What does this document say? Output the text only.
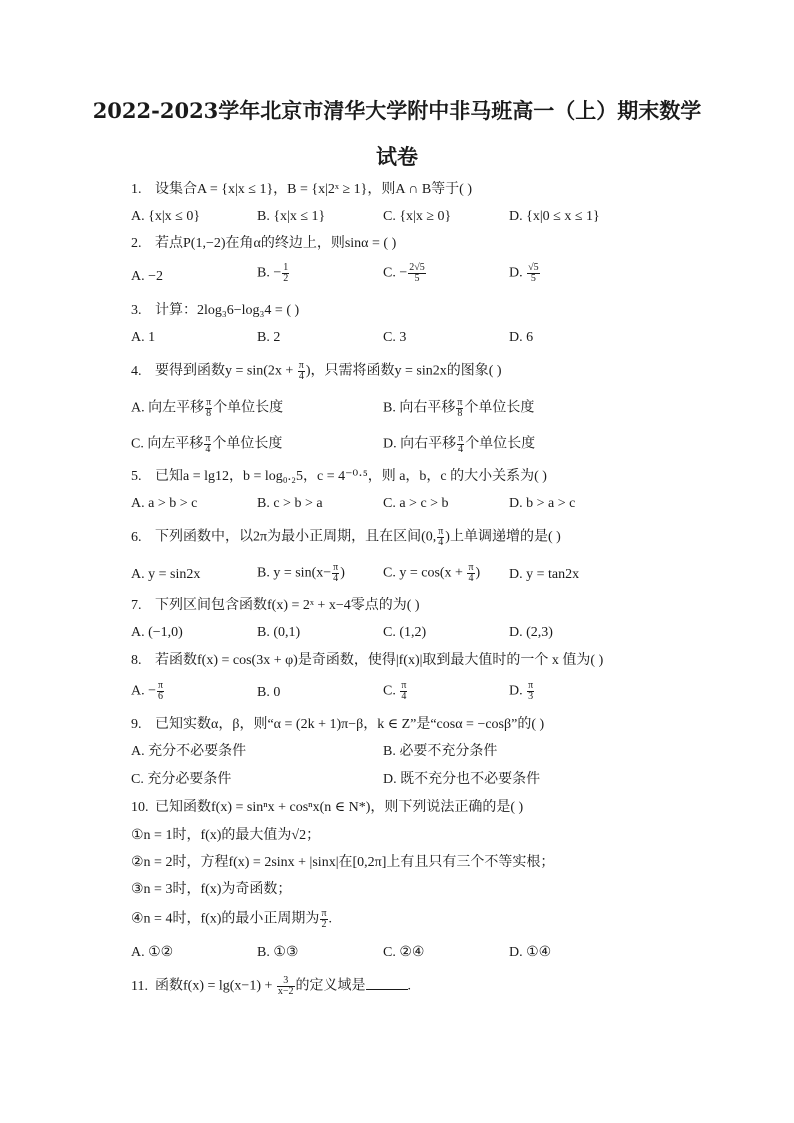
2022-2023学年北京市清华大学附中非马班高一（上）期末数学
试卷
1. 设集合A = {x|x ≤ 1}，B = {x|2ˣ ≥ 1}，则A ∩ B等于( )
A. {x|x ≤ 0}	B. {x|x ≤ 1}	C. {x|x ≥ 0}	D. {x|0 ≤ x ≤ 1}
2. 若点P(1,−2)在角α的终边上，则sinα = ( )
A. −2	B. − $\frac{1}{2}$	C. − $\frac{2√5}{5}$	D. $\frac{√5}{5}$
3. 计算：2log₃6−log₃4 = ( )
A. 1	B. 2	C. 3	D. 6
4. 要得到函数$y = \sin(2x + \frac{\pi}{4}$ )，只需将函数y = sin2x的图象( )
A. 向左平移 $\frac{\pi}{8}$ 个单位长度	B. 向右平移 $\frac{\pi}{8}$ 个单位长度
C. 向左平移 $\frac{\pi}{4}$ 个单位长度	D. 向右平移 $\frac{\pi}{4}$ 个单位长度
5. 已知a = lg12，b = log₀.₂5，c = 4⁻⁰·⁵，则 a，b，c 的大小关系为( )
A. a > b > c	B. c > b > a	C. a > c > b	D. b > a > c
6. 下列函数中，以2π为最小正周期，且在区间(0, $\frac{\pi}{4}$ )上单调递增的是( )
A. y = sin2x	B. $y = \sin(x- \frac{\pi}{4}$ )	C. $y = \cos(x + \frac{\pi}{4}$ ) D. y = tan2x
7. 下列区间包含函数f(x) = 2ˣ + x−4零点的为( )
A. (−1,0)	B. (0,1)	C. (1,2)	D. (2,3)
8. 若函数f(x) = cos(3x + φ)是奇函数，使得|f(x)|取到最大值时的一个 x 值为( )
A. − $\frac{\pi}{6}$	B. 0	C. $\frac{\pi}{4}$	D. $\frac{\pi}{3}$
9. 已知实数α，β，则“α = (2k + 1)π−β，k ∈ Z”是“cosα = −cosβ”的( )
A. 充分不必要条件	B. 必要不充分条件
C. 充分必要条件	D. 既不充分也不必要条件
10. 已知函数f(x) = sinⁿx + cosⁿx(n ∈ N*)，则下列说法正确的是( )
①n = 1时，f(x)的最大值为√2；
②n = 2时，方程f(x) = 2sinx + |sinx|在[0,2π]上有且只有三个不等实根；
③n = 3时，f(x)为奇函数；
④n = 4时，f(x)的最小正周期为 $\frac{\pi}{2}$ .
A. ①②	B. ①③	C. ②④	D. ①④
11. 函数$f(x) = \lg(x-1) + \frac{3}{x-2}$ 的定义域是	.
